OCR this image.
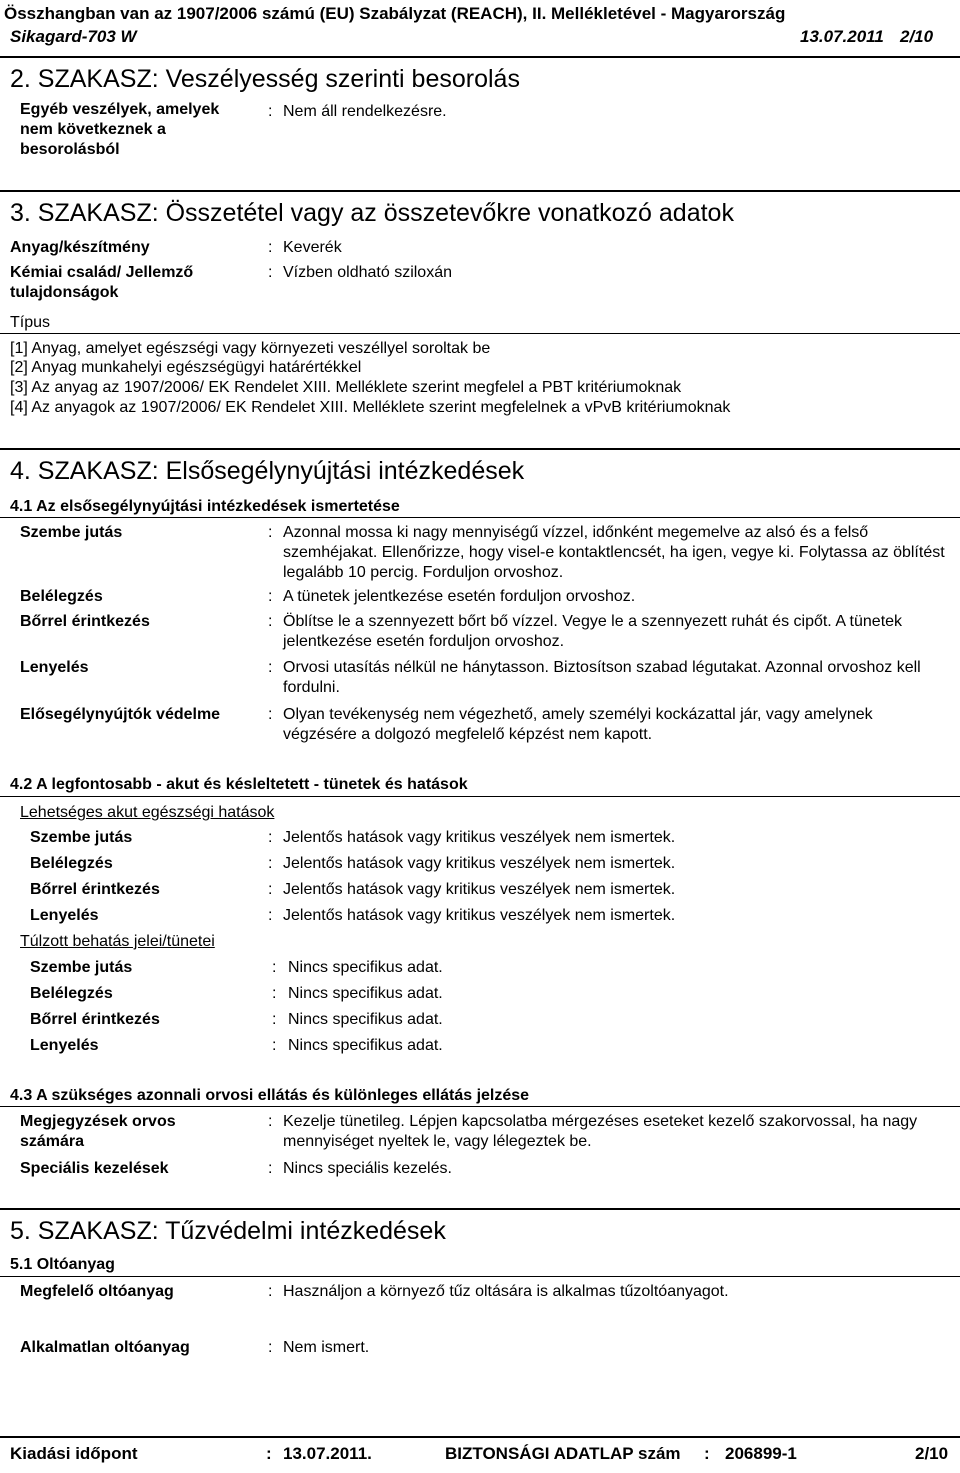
Összhangban van az 1907/2006 számú (EU) Szabályzat (REACH), II. Mellékletével - Magyarország
Sikagard-703 W	13.07.2011 2/10
2. SZAKASZ: Veszélyesség szerinti besorolás
Egyéb veszélyek, amelyek nem következnek a besorolásból
: Nem áll rendelkezésre.
3. SZAKASZ: Összetétel vagy az összetevőkre vonatkozó adatok
Anyag/készítmény	: Keverék
Kémiai család/ Jellemző tulajdonságok
: Vízben oldható sziloxán
Típus
[1] Anyag, amelyet egészségi vagy környezeti veszéllyel soroltak be
[2] Anyag munkahelyi egészségügyi határértékkel
[3] Az anyag az 1907/2006/ EK Rendelet XIII. Melléklete szerint megfelel a PBT kritériumoknak
[4] Az anyagok az 1907/2006/ EK Rendelet XIII. Melléklete szerint megfelelnek a vPvB kritériumoknak
4. SZAKASZ: Elsősegélynyújtási intézkedések
4.1 Az elsősegélynyújtási intézkedések ismertetése
Szembe jutás	: Azonnal mossa ki nagy mennyiségű vízzel, időnként megemelve az alsó és a felső szemhéjakat. Ellenőrizze, hogy visel-e kontaktlencsét, ha igen, vegye ki. Folytassa az öblítést legalább 10 percig. Forduljon orvoshoz.
Belélegzés	: A tünetek jelentkezése esetén forduljon orvoshoz.
Bőrrel érintkezés	: Öblítse le a szennyezett bőrt bő vízzel. Vegye le a szennyezett ruhát és cipőt. A tünetek jelentkezése esetén forduljon orvoshoz.
Lenyelés	: Orvosi utasítás nélkül ne hánytasson. Biztosítson szabad légutakat. Azonnal orvoshoz kell fordulni.
Elősegélynyújtók védelme	: Olyan tevékenység nem végezhető, amely személyi kockázattal jár, vagy amelynek végzésére a dolgozó megfelelő képzést nem kapott.
4.2 A legfontosabb - akut és késleltetett - tünetek és hatások
Lehetséges akut egészségi hatások
Szembe jutás	: Jelentős hatások vagy kritikus veszélyek nem ismertek.
Belélegzés	: Jelentős hatások vagy kritikus veszélyek nem ismertek.
Bőrrel érintkezés	: Jelentős hatások vagy kritikus veszélyek nem ismertek.
Lenyelés	: Jelentős hatások vagy kritikus veszélyek nem ismertek.
Túlzott behatás jelei/tünetei
Szembe jutás	: Nincs specifikus adat.
Belélegzés	: Nincs specifikus adat.
Bőrrel érintkezés	: Nincs specifikus adat.
Lenyelés	: Nincs specifikus adat.
4.3 A szükséges azonnali orvosi ellátás és különleges ellátás jelzése
Megjegyzések orvos számára
: Kezelje tünetileg. Lépjen kapcsolatba mérgezéses eseteket kezelő szakorvossal, ha nagy mennyiséget nyeltek le, vagy lélegeztek be.
Speciális kezelések	: Nincs speciális kezelés.
5. SZAKASZ: Tűzvédelmi intézkedések
5.1 Oltóanyag
Megfelelő oltóanyag	: Használjon a környező tűz oltására is alkalmas tűzoltóanyagot.
Alkalmatlan oltóanyag	: Nem ismert.
Kiadási időpont	: 13.07.2011.	BIZTONSÁGI ADATLAP szám : 206899-1	2/10
